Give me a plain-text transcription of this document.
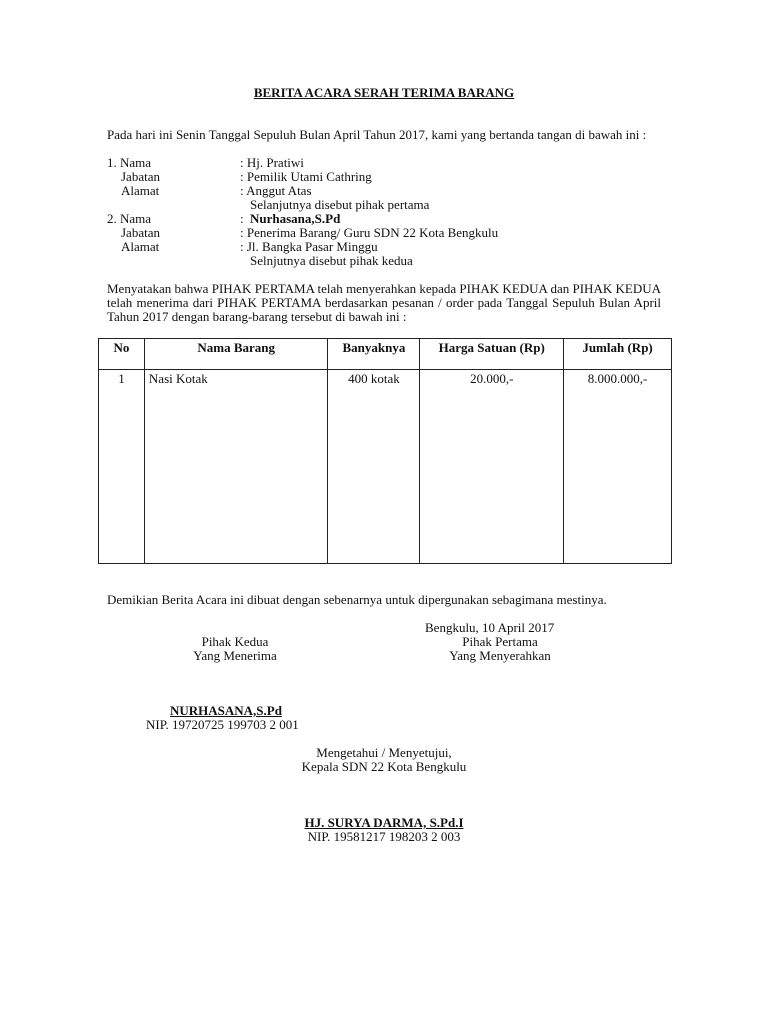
BERITA ACARA SERAH TERIMA BARANG
Pada hari ini Senin Tanggal Sepuluh Bulan April Tahun 2017, kami yang bertanda tangan di bawah ini :
1. Nama	: Hj. Pratiwi
Jabatan	: Pemilik Utami Cathring
Alamat	: Anggut Atas
Selanjutnya disebut pihak pertama
2. Nama	: Nurhasana,S.Pd
Jabatan	: Penerima Barang/ Guru SDN 22 Kota Bengkulu
Alamat	: Jl. Bangka Pasar Minggu
Selnjutnya disebut pihak kedua
Menyatakan bahwa PIHAK PERTAMA telah menyerahkan kepada PIHAK KEDUA dan PIHAK KEDUA telah menerima dari PIHAK PERTAMA berdasarkan pesanan / order pada Tanggal Sepuluh Bulan April Tahun 2017 dengan barang-barang tersebut di bawah ini :
No	Nama Barang	Banyaknya	Harga Satuan (Rp)	Jumlah (Rp)
1	Nasi Kotak	400 kotak	20.000,-	8.000.000,-
Demikian Berita Acara ini dibuat dengan sebenarnya untuk dipergunakan sebagimana mestinya.
Bengkulu, 10 April 2017
Pihak Kedua
Yang Menerima
Pihak Pertama
Yang Menyerahkan
NURHASANA,S.Pd
NIP. 19720725 199703 2 001
Mengetahui / Menyetujui,
Kepala SDN 22 Kota Bengkulu
HJ. SURYA DARMA, S.Pd.I
NIP. 19581217 198203 2 003
